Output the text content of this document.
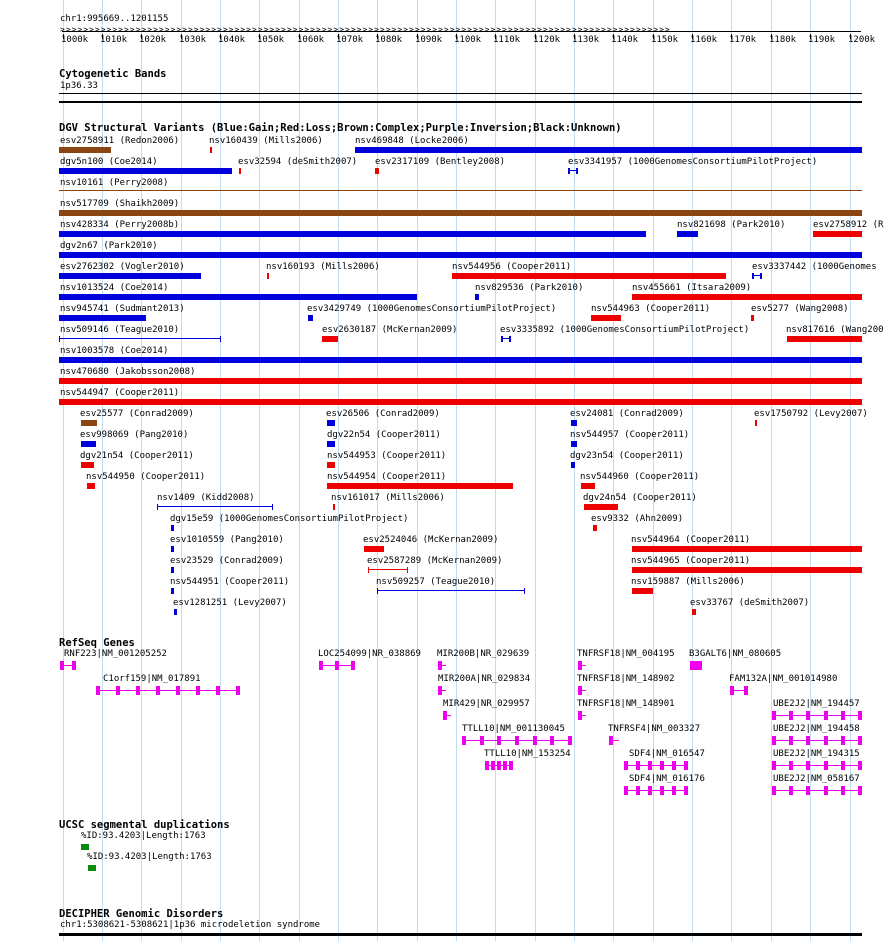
chr1:995669..1201155
1000k 1010k 1020k 1030k 1040k 1050k 1060k 1070k 1080k 1090k 1100k 1110k 1120k 1130k 1140k 1150k 1160k 1170k 1180k 1190k 1200k
>>>>>>>>>>>>>>>>>>>>>>>>>>>>>>>>>>>>>>>>>>>>>>>>>>>>>>>>>>>>>>>>>>>>>>>>>>>>>>>>>>>>>>>>>>>>>>>>>>>>>>>>>
Cytogenetic Bands
1p36.33
DGV Structural Variants (Blue:Gain;Red:Loss;Brown:Complex;Purple:Inversion;Black:Unknown)
esv2758911 (Redon2006)	nsv160439 (Mills2006)	nsv469848 (Locke2006)
dgv5n100 (Coe2014)	esv32594 (deSmith2007) esv2317109 (Bentley2008)	esv3341957 (1000GenomesConsortiumPilotProject)
nsv10161 (Perry2008)
nsv517709 (Shaikh2009)
nsv428334 (Perry2008b)	nsv821698 (Park2010)	esv2758912 (R
dgv2n67 (Park2010)
esv2762302 (Vogler2010)	nsv160193 (Mills2006)	nsv544956 (Cooper2011)	esv3337442 (1000Genomes
nsv1013524 (Coe2014)	nsv829536 (Park2010)	nsv455661 (Itsara2009)
nsv945741 (Sudmant2013)	esv3429749 (1000GenomesConsortiumPilotProject)	nsv544963 (Cooper2011)	esv5277 (Wang2008)
nsv509146 (Teague2010)	esv2630187 (McKernan2009)	esv3335892 (1000GenomesConsortiumPilotProject)	nsv817616 (Wang200
nsv1003578 (Coe2014)
nsv470680 (Jakobsson2008)
nsv544947 (Cooper2011)
esv25577 (Conrad2009)	esv26506 (Conrad2009)	esv24081 (Conrad2009)	esv1750792 (Levy2007)
esv998069 (Pang2010)	dgv22n54 (Cooper2011)	nsv544957 (Cooper2011)
dgv21n54 (Cooper2011)	nsv544953 (Cooper2011)	dgv23n54 (Cooper2011)
nsv544950 (Cooper2011)	nsv544954 (Cooper2011)	nsv544960 (Cooper2011)
nsv1409 (Kidd2008)	nsv161017 (Mills2006)	dgv24n54 (Cooper2011)
dgv15e59 (1000GenomesConsortiumPilotProject)	esv9332 (Ahn2009)
esv1010559 (Pang2010)	esv2524046 (McKernan2009)	nsv544964 (Cooper2011)
esv23529 (Conrad2009)	esv2587289 (McKernan2009)	nsv544965 (Cooper2011)
nsv544951 (Cooper2011)	nsv509257 (Teague2010)	nsv159887 (Mills2006)
esv1281251 (Levy2007)	esv33767 (deSmith2007)
RefSeq Genes
RNF223|NM_001205252	LOC254099|NR_038869 MIR200B|NR_029639	TNFRSF18|NM_004195 B3GALT6|NM_080605
C1orf159|NM_017891	MIR200A|NR_029834	TNFRSF18|NM_148902	FAM132A|NM_001014980
MIR429|NR_029957	TNFRSF18|NM_148901	UBE2J2|NM_194457
TTLL10|NM_001130045	TNFRSF4|NM_003327	UBE2J2|NM_194458
TTLL10|NM_153254	SDF4|NM_016547	UBE2J2|NM_194315
SDF4|NM_016176	UBE2J2|NM_058167
UCSC segmental duplications
%ID:93.4203|Length:1763
%ID:93.4203|Length:1763
DECIPHER Genomic Disorders
chr1:5308621-5308621|1p36 microdeletion syndrome
